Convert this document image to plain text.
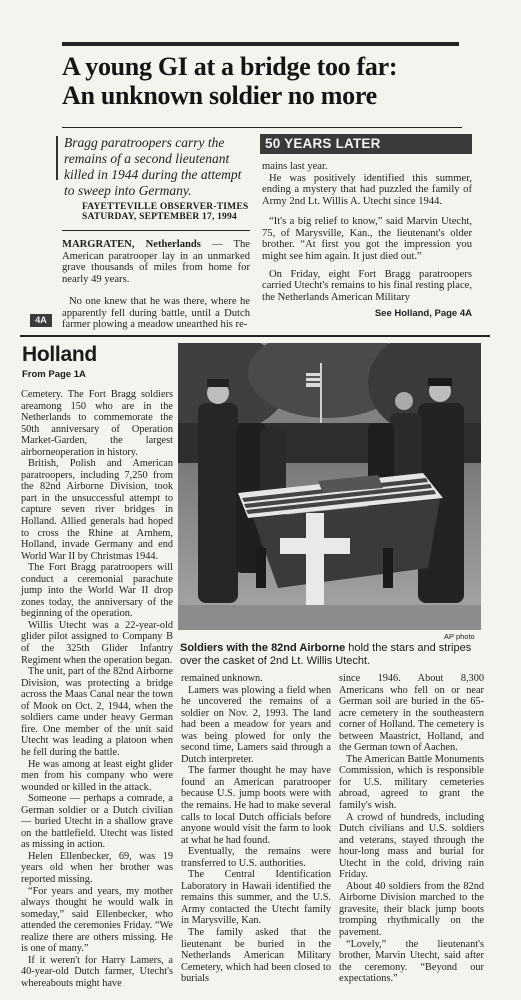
A young GI at a bridge too far:
An unknown soldier no more
Bragg paratroopers carry the remains of a second lieutenant killed in 1944 during the attempt to sweep into Germany.
FAYETTEVILLE OBSERVER-TIMES
SATURDAY, SEPTEMBER 17, 1994
50 YEARS LATER

MARGRATEN, Netherlands — The American paratrooper lay in an unmarked grave thousands of miles from home for nearly 49 years.

No one knew that he was there, where he apparently fell during battle, until a Dutch farmer plowing a meadow unearthed his re-

mains last year.

He was positively identified this summer, ending a mystery that had puzzled the family of Army 2nd Lt. Willis A. Utecht since 1944.

“It's a big relief to know,” said Marvin Utecht, 75, of Marysville, Kan., the lieutenant's older brother. “At first you got the impression you might see him again. It just died out.”

On Friday, eight Fort Bragg paratroopers carried Utecht's remains to his final resting place, the Netherlands American Military

See Holland, Page 4A
4A
Holland
From Page 1A

Cemetery. The Fort Bragg soldiers areamong 150 who are in the Netherlands to commemorate the 50th anniversary of Operation Market-Garden, the largest airborneoperation in history.

British, Polish and American paratroopers, including 7,250 from the 82nd Airborne Division, took part in the unsuccessful attempt to capture seven river bridges in Holland. Allied generals had hoped to cross the Rhine at Arnhem, Holland, invade Germany and end World War II by Christmas 1944.

The Fort Bragg paratroopers will conduct a ceremonial parachute jump into the World War II drop zones today, the anniversary of the beginning of the operation.

Willis Utecht was a 22-year-old glider pilot assigned to Company B of the 325th Glider Infantry Regiment when the operation began.

The unit, part of the 82nd Airborne Division, was protecting a bridge across the Maas Canal near the town of Mook on Oct. 2, 1944, when the soldiers came under heavy German fire. One member of the unit said Utecht was leading a platoon when he fell during the battle.

He was among at least eight glider men from his company who were wounded or killed in the attack.

Someone — perhaps a comrade, a German soldier or a Dutch civilian — buried Utecht in a shallow grave on the battlefield. Utecht was listed as missing in action.

Helen Ellenbecker, 69, was 19 years old when her brother was reported missing.

“For years and years, my mother always thought he would walk in someday,” said Ellenbecker, who attended the ceremonies Friday. “We realize there are others missing. He is one of many.”

If it weren't for Harry Lamers, a 40-year-old Dutch farmer, Utecht's whereabouts might have

AP photo
Soldiers with the 82nd Airborne hold the stars and stripes over the casket of 2nd Lt. Willis Utecht.

remained unknown.

Lamers was plowing a field when he uncovered the remains of a soldier on Nov. 2, 1993. The land had been a meadow for years and was being plowed for only the second time, Lamers said through a Dutch interpreter.

The farmer thought he may have found an American paratrooper because U.S. jump boots were with the remains. He had to make several calls to local Dutch officials before anyone would visit the farm to look at what he had found.

Eventually, the remains were transferred to U.S. authorities.

The Central Identification Laboratory in Hawaii identified the remains this summer, and the U.S. Army contacted the Utecht family in Marysville, Kan.

The family asked that the lieutenant be buried in the Netherlands American Military Cemetery, which had been closed to burials

since 1946. About 8,300 Americans who fell on or near German soil are buried in the 65-acre cemetery in the southeastern corner of Holland. The cemetery is between Maastrict, Holland, and the German town of Aachen.

The American Battle Monuments Commission, which is responsible for U.S. military cemeteries abroad, agreed to grant the family's wish.

A crowd of hundreds, including Dutch civilians and U.S. soldiers and veterans, stayed through the hour-long mass and burial for Utecht in the cold, driving rain Friday.

About 40 soldiers from the 82nd Airborne Division marched to the gravesite, their black jump boots tromping rhythmically on the pavement.

“Lovely,” the lieutenant's brother, Marvin Utecht, said after the ceremony. “Beyond our expectations.”
